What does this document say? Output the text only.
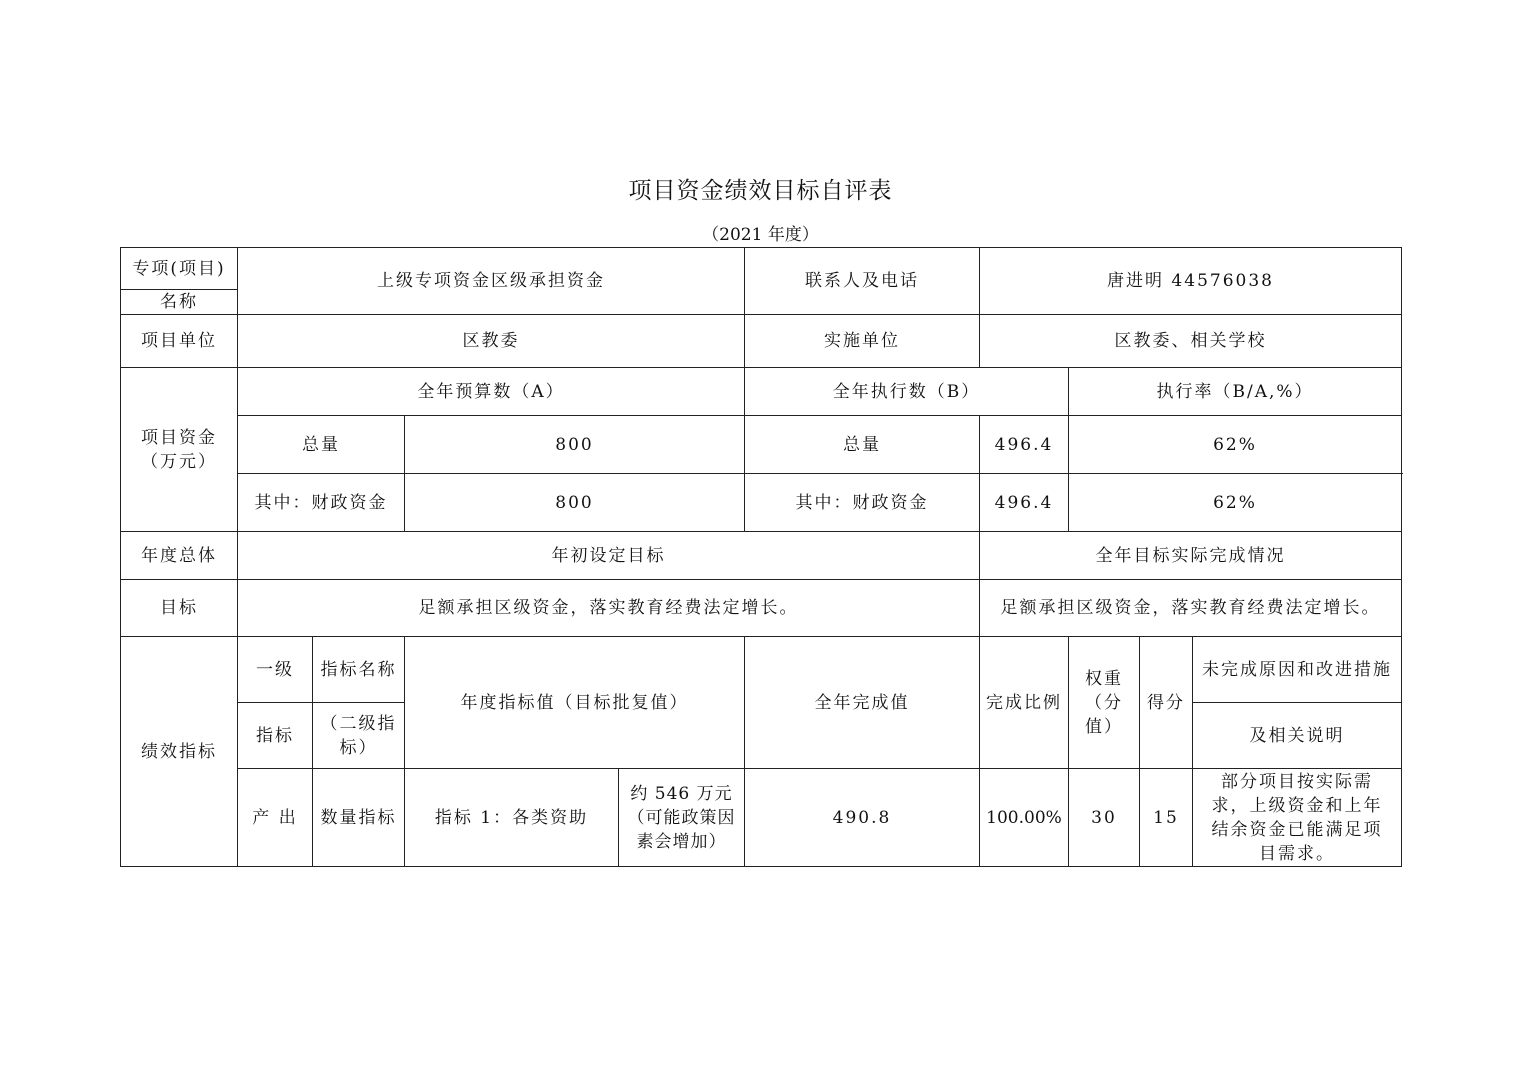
项目资金绩效目标自评表
（2021 年度）
专项(项目)	上级专项资金区级承担资金				联系人及电话	唐进明 44576038			
名称									
项目单位	区教委				实施单位	区教委、相关学校			
项目资金（万元）	全年预算数（A）				全年执行数（B）		执行率（B/A,%）		
	总量		800		总量	496.4	62%		
	其中：财政资金		800		其中：财政资金	496.4	62%		
年度总体	年初设定目标					全年目标实际完成情况			
目标	足额承担区级资金，落实教育经费法定增长。					足额承担区级资金，落实教育经费法定增长。			
绩效指标	一级	指标名称	年度指标值（目标批复值）		全年完成值	完成比例	权重（分值）	得分	未完成原因和改进措施
	指标	（二级指标）							及相关说明
	产 出	数量指标	指标 1：各类资助	约 546 万元（可能政策因素会增加）	490.8	100.00%	30	15	部分项目按实际需求，上级资金和上年结余资金已能满足项目需求。
